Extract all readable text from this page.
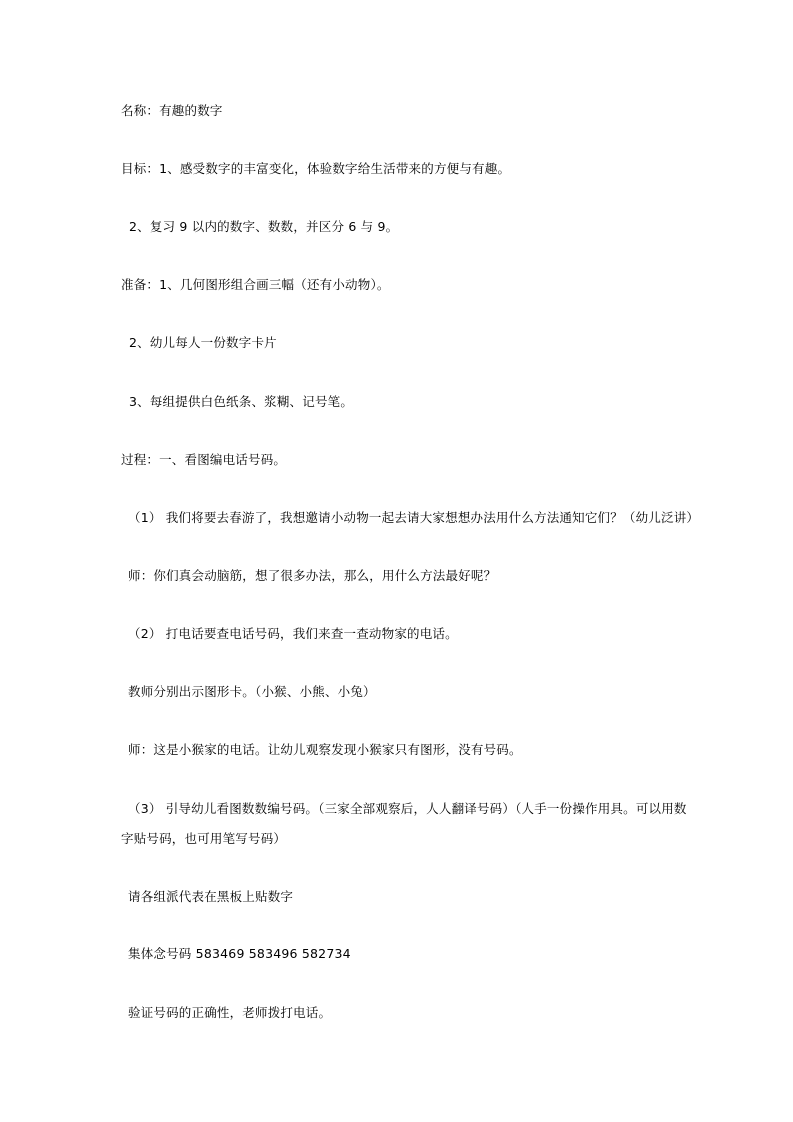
名称：有趣的数字
目标：1、感受数字的丰富变化，体验数字给生活带来的方便与有趣。
2、复习 9 以内的数字、数数，并区分 6 与 9。
准备：1、几何图形组合画三幅（还有小动物）。
2、幼儿每人一份数字卡片
3、每组提供白色纸条、浆糊、记号笔。
过程：一、看图编电话号码。
（1） 我们将要去春游了，我想邀请小动物一起去请大家想想办法用什么方法通知它们？（幼儿泛讲）
师：你们真会动脑筋，想了很多办法，那么，用什么方法最好呢？
（2） 打电话要查电话号码，我们来查一查动物家的电话。
教师分别出示图形卡。（小猴、小熊、小兔）
师：这是小猴家的电话。让幼儿观察发现小猴家只有图形，没有号码。
（3） 引导幼儿看图数数编号码。（三家全部观察后，人人翻译号码）（人手一份操作用具。可以用数
字贴号码，也可用笔写号码）
请各组派代表在黑板上贴数字
集体念号码 583469 583496 582734
验证号码的正确性，老师拨打电话。
